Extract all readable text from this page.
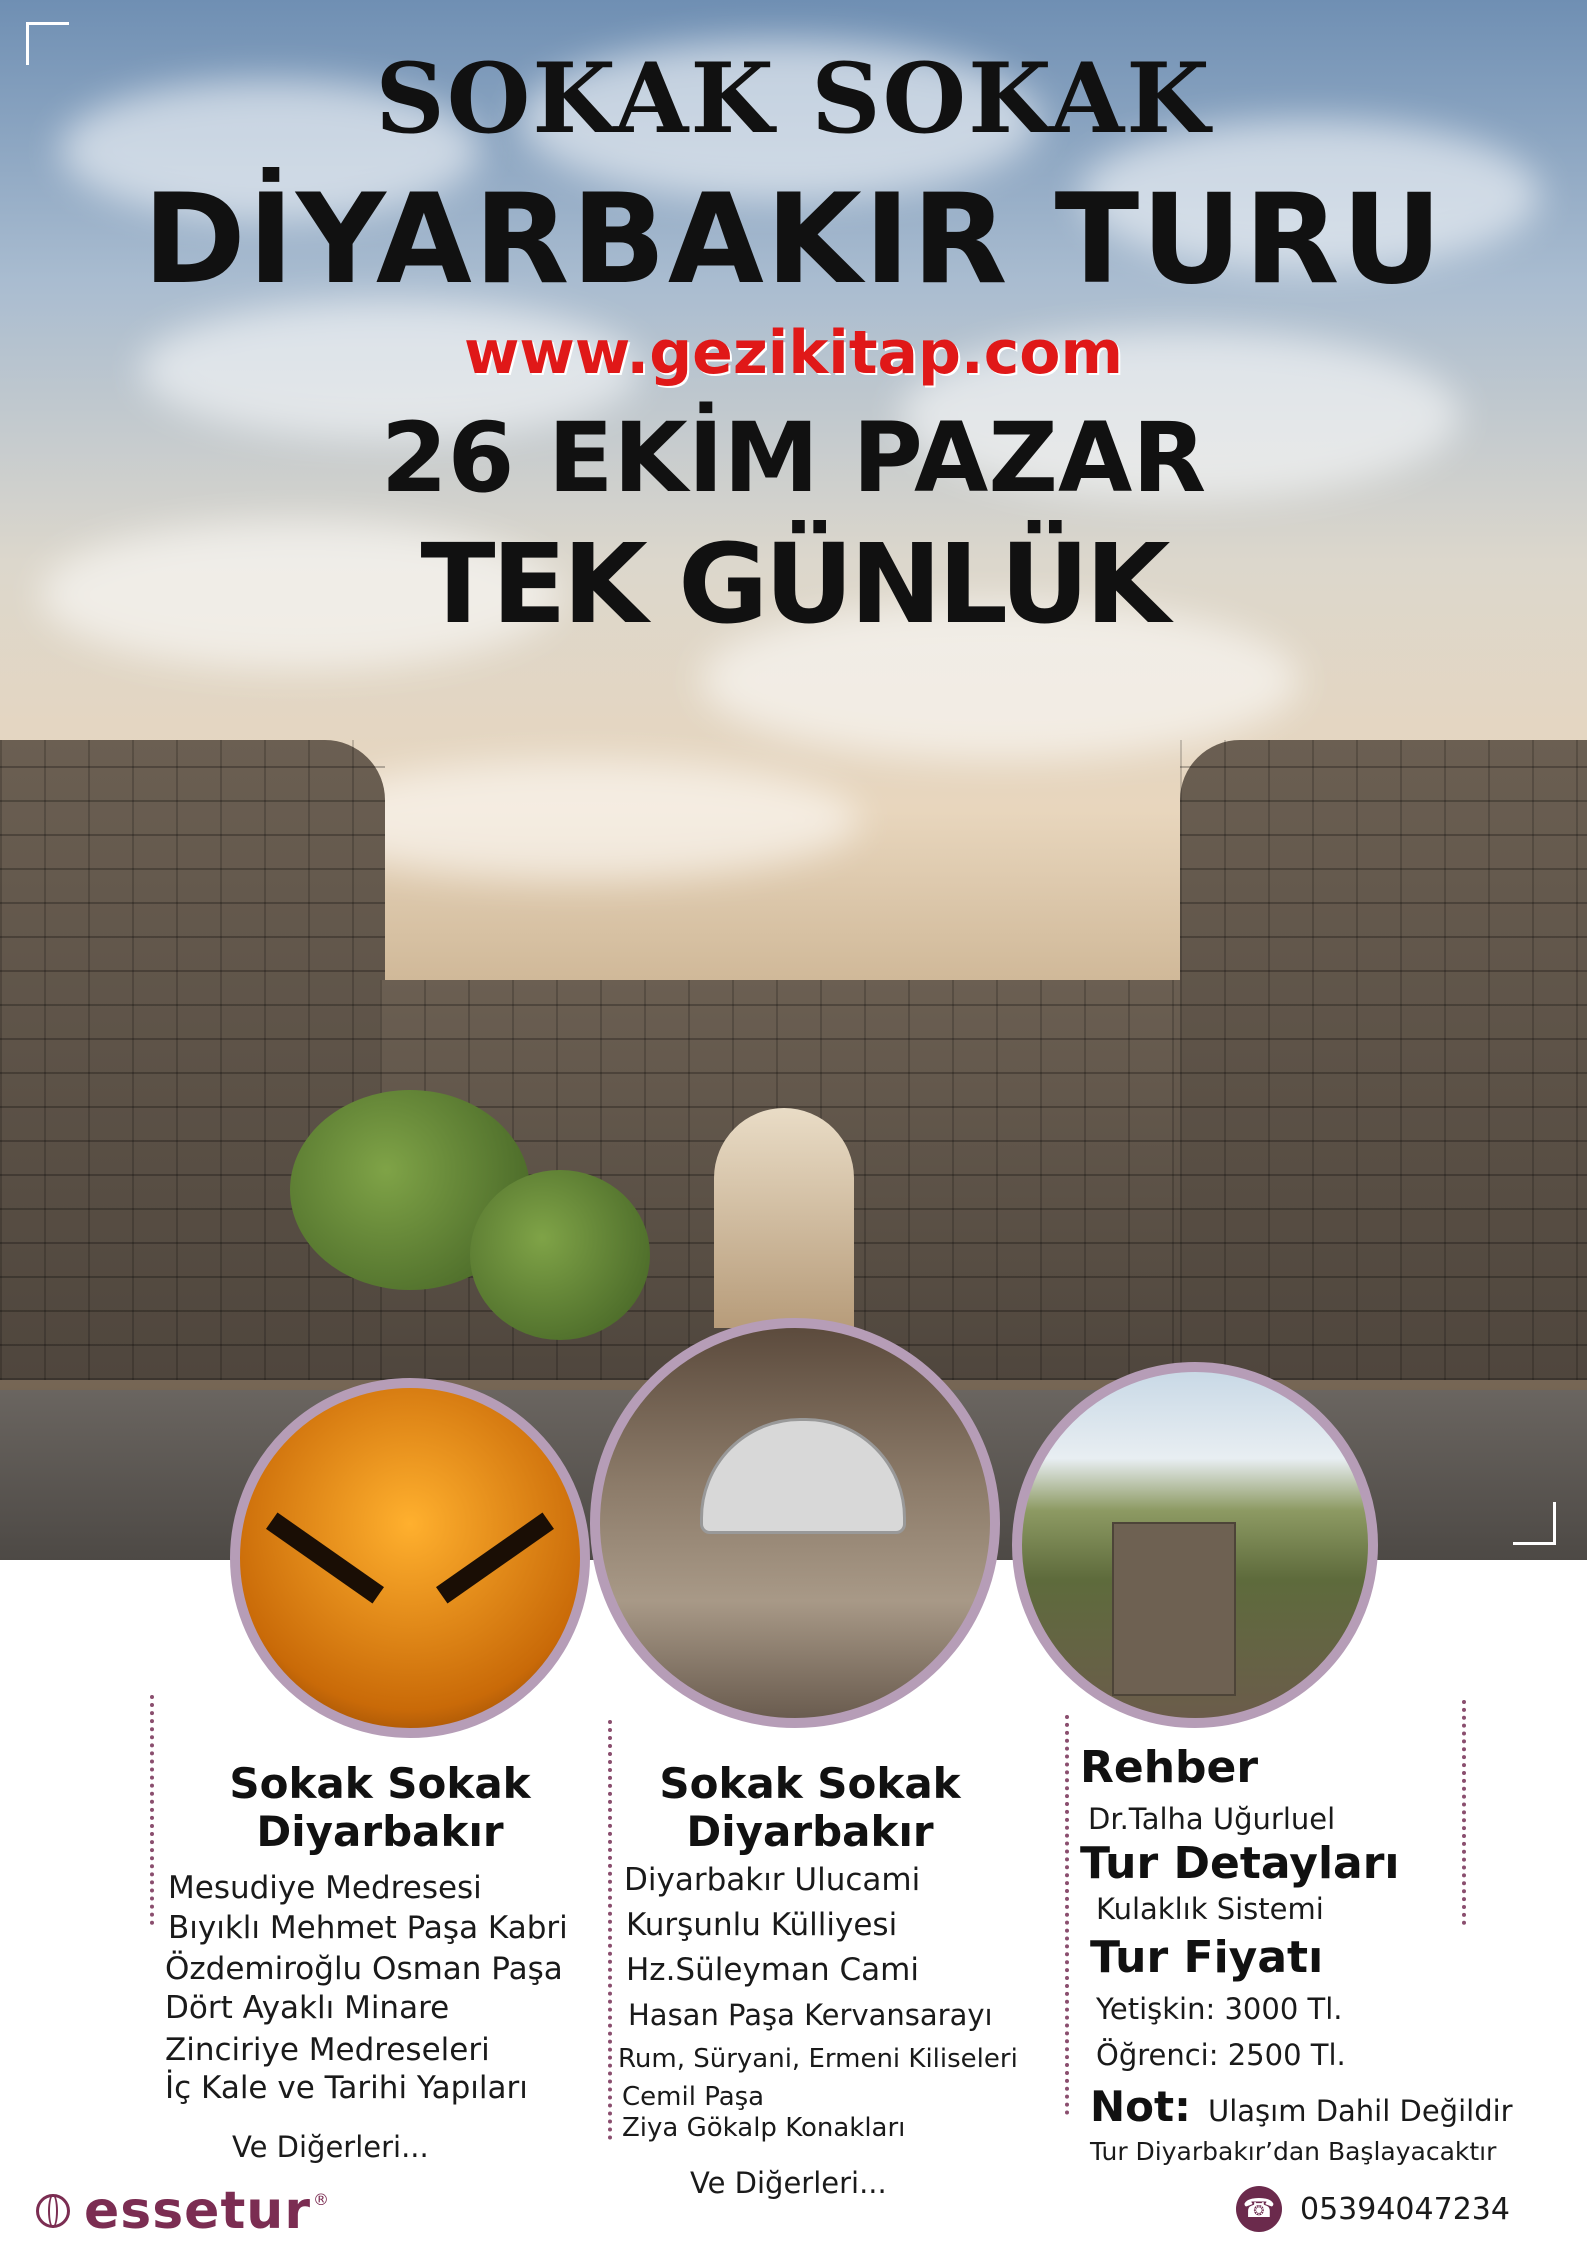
SOKAK SOKAK
DİYARBAKIR TURU
www.gezikitap.com
26 EKİM PAZAR
TEK GÜNLÜK
Sokak Sokak
Diyarbakır
Mesudiye Medresesi
Bıyıklı Mehmet Paşa Kabri
Özdemiroğlu Osman Paşa
Dört Ayaklı Minare
Zinciriye Medreseleri
İç Kale ve Tarihi Yapıları
Ve Diğerleri...
Sokak Sokak
Diyarbakır
Diyarbakır Ulucami
Kurşunlu Külliyesi
Hz.Süleyman Cami
Hasan Paşa Kervansarayı
Rum, Süryani, Ermeni Kiliseleri
Cemil Paşa
Ziya Gökalp Konakları
Ve Diğerleri...
Rehber
Dr.Talha Uğurluel
Tur Detayları
Kulaklık Sistemi
Tur Fiyatı
Yetişkin: 3000 Tl.
Öğrenci: 2500 Tl.
Not: Ulaşım Dahil Değildir
Tur Diyarbakır’dan Başlayacaktır
essetur ®	☎ 05394047234
